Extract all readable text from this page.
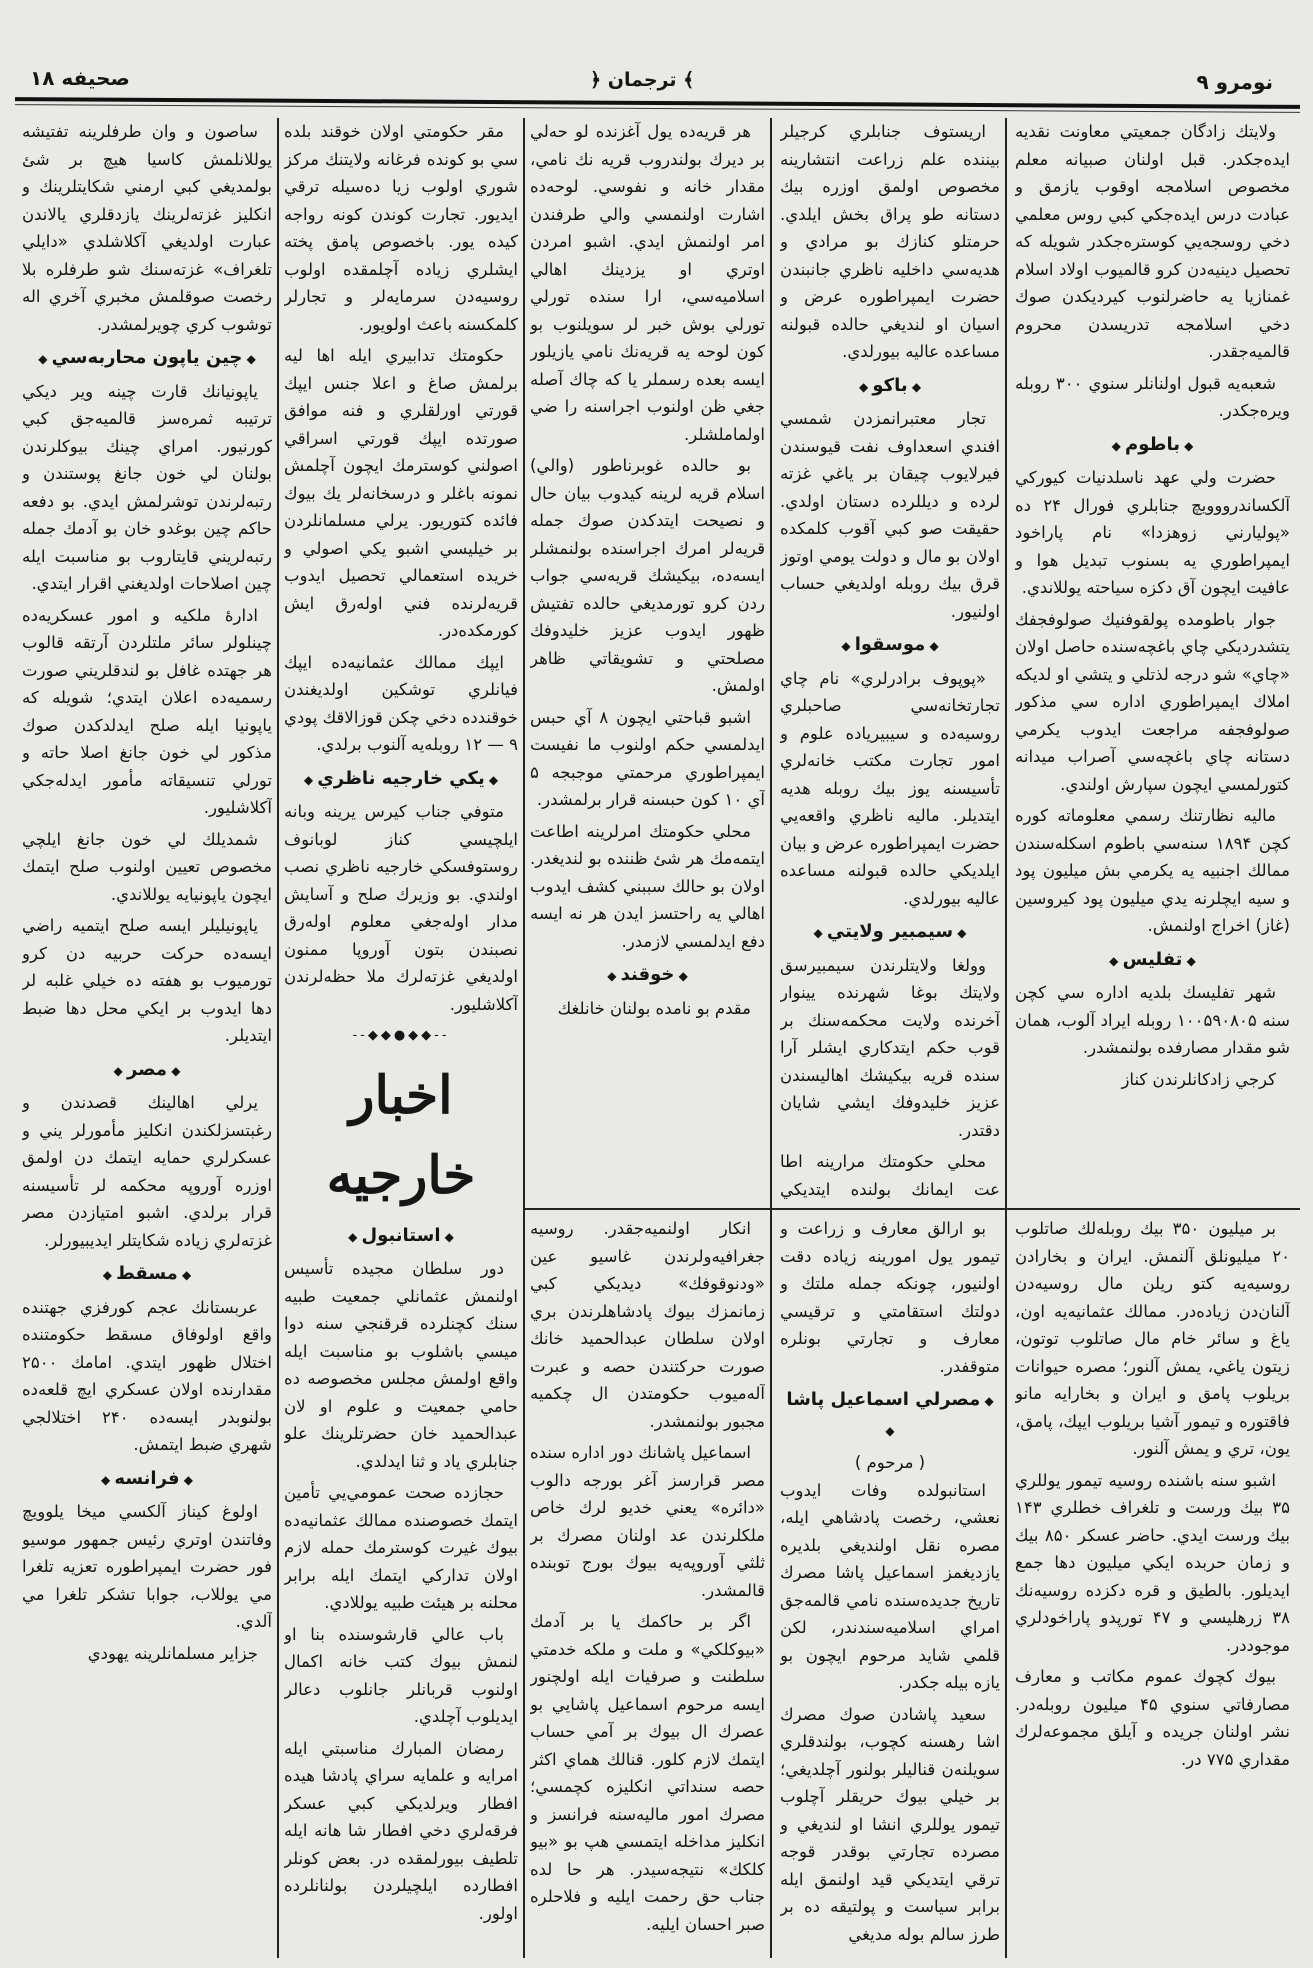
صحيفه ۱۸	﴾ ترجمان ﴿	نومرو ۹

ولايتك زادگان جمعيتي معاونت نقديه ايده‌جكدر. قبل اولنان صبيانه معلم مخصوص اسلامجه اوقوب يازمق و عبادت درس ايده‌جكي كبي روس معلمي دخي روسجه‌يي كوستره‌جكدر شويله كه تحصيل دينيه‌دن كرو قالميوب اولاد اسلام غمنازيا يه حاضرلنوب كيرديكدن صوك دخي اسلامجه تدريسدن محروم قالميه‌جقدر.

شعبه‌يه قبول اولنانلر سنوي ۳۰۰ روبله ويره‌جكدر.

◆ باطوم ◆

حضرت ولي عهد ناسلدنيات كيوركي آلكساندرووويچ جنابلري فورال ۲۴ ده «پوليارني زوهزدا» نام پاراخود ايمپراطوري يه بسنوب تبديل هوا و عافيت ايچون آق دكزه سياحته يوللاندي.

جوار باطومده پولقوفنيك صولوفجفك يتشدرديكي چاي باغچه‌سنده حاصل اولان «چاي» شو درجه لذتلي و يتشي او لديكه املاك ايمپراطوري اداره سي مذكور صولوفجفه مراجعت ايدوب يكرمي دستانه چاي باغچه‌سي آصراب ميدانه كتورلمسي ايچون سپارش اولندي.

ماليه نظارتنك رسمي معلوماته كوره كچن ۱۸۹۴ سنه‌سي باطوم اسكله‌سندن ممالك اجنبيه يه يكرمي بش ميليون پود و سيه ايچلرنه يدي ميليون پود كيروسين (غاز) اخراج اولنمش.

◆ تفليس ◆

شهر تفليسك بلديه اداره سي كچن سنه ۱۰۰۵۹۰۸۰۵ روبله ايراد آلوب، همان شو مقدار مصارفده بولنمشدر.

كرجي زادكانلرندن كناز

اريستوف جنابلري كرجيلر بيننده علم زراعت انتشارينه مخصوص اولمق اوزره بيك دستانه طو پراق بخش ايلدي. حرمتلو كنازك بو مرادي و هديه‌سي داخليه ناظري جانبندن حضرت ايمپراطوره عرض و اسيان او لنديغي حالده قبولنه مساعده عاليه بيورلدي.

◆ باكو ◆

تجار معتبرانمزدن شمسي افندي اسعداوف نفت قيوسندن فيرلايوب چيقان بر ياغي غزته لرده و ديللرده دستان اولدي. حقيقت صو كبي آقوب كلمكده اولان بو مال و دولت يومي اوتوز قرق بيك روبله اولديغي حساب اولنيور.

◆ موسقوا ◆

«پوپوف برادرلري» نام چاي تجارتخانه‌سي صاحبلري روسيه‌ده و سيبيرياده علوم و امور تجارت مكتب خانه‌لري تأسيسنه يوز بيك روبله هديه ايتديلر. ماليه ناظري واقعه‌يي حضرت ايمپراطوره عرض و بيان ايلديكي حالده قبولنه مساعده عاليه بيورلدي.

◆ سيمبير ولايتي ◆

وولغا ولايتلرندن سيمبيرسق ولايتك بوغا شهرنده يينوار آخرنده ولايت محكمه‌سنك بر قوب حكم ايتدكاري ايشلر آرا سنده قريه بيكيشك اهاليسندن عزيز خليدوفك ايشي شايان دقتدر.

محلي حكومتك مرارينه اطا عت ايمانك بولنده ايتديكي

هر قريه‌ده يول آغزنده لو حه‌لي بر ديرك بولندروب قريه نك نامي، مقدار خانه و نفوسي. لوحه‌ده اشارت اولنمسي والي طرفندن امر اولنمش ايدي. اشبو امردن اوتري او يزدينك اهالي اسلاميه‌سي، ارا سنده تورلي تورلي بوش خبر لر سويلنوب بو كون لوحه يه قريه‌نك نامي يازيلور ايسه بعده رسملر يا كه چاك آصله جغي ظن اولنوب اجراسنه را ضي اولماملشلر.

بو حالده غوبرناطور (والي) اسلام قريه لرينه كيدوب بيان حال و نصيحت ايتدكدن صوك جمله قريه‌لر امرك اجراسنده بولنمشلر ايسه‌ده، بيكيشك قريه‌سي جواب ردن كرو تورمديغي حالده تفتيش ظهور ايدوب عزيز خليدوفك مصلحتي و تشويقاتي ظاهر اولمش.

اشبو قباحتي ايچون ۸ آي حبس ايدلمسي حكم اولنوب ما نفيست ايمپراطوري مرحمتي موجبجه ۵ آي ۱۰ كون حبسنه قرار برلمشدر.

محلي حكومتك امرلرينه اطاعت ايتمه‌مك هر شئ ظننده بو لنديغدر. اولان بو حالك سببني كشف ايدوب اهالي يه راحتسز ايدن هر نه ايسه دفع ايدلمسي لازمدر.

◆ خوقند ◆

مقدم بو نامده بولنان خانلغك

مقر حكومتي اولان خوقند بلده سي بو كونده فرغانه ولايتنك مركز شوري اولوب زيا ده‌سيله ترقي ايديور. تجارت كوندن كونه رواجه كيده يور. باخصوص پامق پخته ايشلري زياده آچلمقده اولوب روسيه‌دن سرمايه‌لر و تجارلر كلمكسنه باعث اولويور.

حكومتك تدابيري ايله اها ليه برلمش صاغ و اعلا جنس ايپك قورتي اورلقلري و فنه موافق صورتده ايپك قورتي اسراقي اصولني كوسترمك ايچون آچلمش نمونه باغلر و درسخانه‌لر يك بيوك فائده كتوريور. يرلي مسلمانلردن بر خيليسي اشبو يكي اصولي و خريده استعمالي تحصيل ايدوب قريه‌لرنده فني اوله‌رق ايش كورمكده‌در.

ايپك ممالك عثمانيه‌ده ايپك فيانلري توشكين اولديغندن خوقندده دخي چكن قوزالاقك پودي ۹ — ۱۲ روبله‌يه آلنوب برلدي.

◆ يكي خارجيه ناظري ◆

متوفي جناب كيرس يرينه وبانه ايلچيسي كناز لوبانوف روستوفسكي خارجيه ناظري نصب اولندي. بو وزيرك صلح و آسايش مدار اوله‌جغي معلوم اوله‌رق نصبندن بتون آوروپا ممنون اولديغي غزته‌لرك ملا حظه‌لرندن آكلاشليور.

--◆◆●◆◆--
اخبار خارجيه
◆ استانبول ◆

دور سلطان مجيده تأسيس اولنمش عثمانلي جمعيت طبيه سنك كچنلرده قرقنجي سنه دوا ميسي باشلوب بو مناسبت ايله واقع اولمش مجلس مخصوصه ده حامي جمعيت و علوم او لان عبدالحميد خان حضرتلرينك علو جنابلري ياد و ثنا ايدلدي.

حجازده صحت عمومي‌يي تأمين ايتمك خصوصنده ممالك عثمانيه‌ده بيوك غيرت كوسترمك حمله لازم اولان تداركي ايتمك ايله برابر محلنه بر هيئت طبيه يوللادي.

باب عالي قارشوسنده بنا او لنمش بيوك كتب خانه اكمال اولنوب قربانلر جانلوب دعالر ايديلوب آچلدي.

رمضان المبارك مناسبتي ايله امرايه و علمايه سراي پادشا هيده افطار ويرلديكي كبي عسكر فرقه‌لري دخي افطار شا هانه ايله تلطيف بيورلمقده در. بعض كونلر افطارده ايلچيلردن بولنانلرده اولور.

ساصون و وان طرفلرينه تفتيشه يوللانلمش كاسيا هيچ بر شئ بولمديغي كبي ارمني شكايتلرينك و انكليز غزته‌لرينك يازدقلري يالاندن عبارت اولديغي آكلاشلدي «دايلي تلغراف» غزته‌سنك شو طرفلره بلا رخصت صوقلمش مخبري آخري اله توشوب كري چويرلمشدر.

◆ چين ياپون محاربه‌سي ◆

ياپونيانك قارت چينه وير ديكي ترتيبه ثمره‌سز قالميه‌جق كبي كورنيور. امراي چينك بيوكلرندن بولنان لي خون جانغ پوستندن و رتبه‌لرندن توشرلمش ايدي. بو دفعه حاكم چين بوغدو خان بو آدمك جمله رتبه‌لريني قايتاروب بو مناسبت ايله چين اصلاحات اولديغني اقرار ايتدي.

ادارهٔ ملكيه و امور عسكريه‌ده چينلولر سائر ملتلردن آرتقه قالوب هر جهتده غافل بو لندقلريني صورت رسميه‌ده اعلان ايتدي؛ شويله كه ياپونيا ايله صلح ايدلدكدن صوك مذكور لي خون جانغ اصلا حاته و تورلي تنسيقاته مأمور ايدله‌جكي آكلاشليور.

شمديلك لي خون جانغ ايلچي مخصوص تعيين اولنوب صلح ايتمك ايچون ياپونيايه يوللاندي.

ياپونيليلر ايسه صلح ايتميه راضي ايسه‌ده حركت حربيه دن كرو تورميوب بو هفته ده خيلي غلبه لر دها ايدوب بر ايكي محل دها ضبط ايتديلر.

◆ مصر ◆

يرلي اهالينك قصدندن و رغبتسزلكندن انكليز مأمورلر يني و عسكرلري حمايه ايتمك دن اولمق اوزره آوروپه محكمه لر تأسيسنه قرار برلدي. اشبو امتيازدن مصر غزته‌لري زياده شكايتلر ايديبيورلر.

◆ مسقط ◆

عربستانك عجم كورفزي جهتنده واقع اولوفاق مسقط حكومتنده اختلال ظهور ايتدي. امامك ۲۵۰۰ مقدارنده اولان عسكري ايچ قلعه‌ده بولنوبدر ايسه‌ده ۲۴۰ اختلالجي شهري ضبط ايتمش.

◆ فرانسه ◆

اولوغ كيناز آلكسي ميخا يلوويچ وفاتندن اوتري رئيس جمهور موسيو فور حضرت ايمپراطوره تعزيه تلغرا مي يوللاب، جوابا تشكر تلغرا مي آلدي.

جزاير مسلمانلرينه يهودي

بر ميليون ۳۵۰ بيك روبله‌لك صاتلوب ۲۰ ميليونلق آلنمش. ايران و بخارادن روسيه‌يه كتو ريلن مال روسيه‌دن آلنان‌دن زياده‌در. ممالك عثمانيه‌يه اون، ياغ و سائر خام مال صاتلوب توتون، زيتون ياغي، يمش آلنور؛ مصره حيوانات بريلوب پامق و ايران و بخارايه مانو فاقتوره و تيمور آشيا بريلوب ايپك، پامق، يون، تري و يمش آلنور.

اشبو سنه باشنده روسيه تيمور يوللري ۳۵ بيك ورست و تلغراف خطلري ۱۴۳ بيك ورست ايدي. حاضر عسكر ۸۵۰ بيك و زمان حربده ايكي ميليون دها جمع ايديلور. بالطيق و قره دكزده روسيه‌نك ۳۸ زرهليسي و ۴۷ تورپدو پاراخودلري موجوددر.

بيوك كچوك عموم مكاتب و معارف مصارفاتي سنوي ۴۵ ميليون روبله‌در. نشر اولنان جريده و آيلق مجموعه‌لرك مقداري ۷۷۵ در.

بو ارالق معارف و زراعت و تيمور يول امورينه زياده دقت اولنيور، چونكه جمله ملتك و دولتك استقامتي و ترقيسي معارف و تجارتي بونلره متوقفدر.

◆ مصرلي اسماعيل پاشا ◆
( مرحوم )

استانبولده وفات ايدوب نعشي، رخصت پادشاهي ايله، مصره نقل اولنديغي بلديره يازديغمز اسماعيل پاشا مصرك تاريخ جديده‌سنده نامي قالمه‌جق امراي اسلاميه‌سندندر، لكن قلمي شايد مرحوم ايچون بو يازه بيله جكدر.

سعيد پاشادن صوك مصرك اشا رهسنه كچوب، بولندقلري سويلنه‌ن قناليلر بولنور آچلديغي؛ بر خيلي بيوك حريقلر آچلوب تيمور يوللري انشا او لنديغي و مصرده تجارتي بوقدر قوجه ترقي ايتديكي قيد اولنمق ايله برابر سياست و پولتيقه ده بر طرز سالم بوله مديغي

انكار اولنميه‌جقدر. روسيه جغرافيه‌ولرندن غاسيو عين «ودنوقوفك» ديديكي كبي زمانمزك بيوك پادشاهلرندن بري اولان سلطان عبدالحميد خانك صورت حركتندن حصه و عبرت آله‌ميوب حكومتدن ال چكميه مجبور بولنمشدر.

اسماعيل پاشانك دور اداره سنده مصر قرارسز آغر بورجه دالوب «دائره» يعني خديو لرك خاص ملكلرندن عد اولنان مصرك بر ثلثي آوروپه‌يه بيوك بورج توبنده قالمشدر.

اگر بر حاكمك يا بر آدمك «بيوكلكي» و ملت و ملكه خدمتي سلطنت و صرفيات ايله اولچنور ايسه مرحوم اسماعيل پاشايي بو عصرك ال بيوك بر آمي حساب ايتمك لازم كلور. قنالك هماي اكثر حصه سنداتي انكليزه كچمسي؛ مصرك امور ماليه‌سنه فرانسز و انكليز مداخله ايتمسي هپ بو «بيو كلكك» نتيجه‌سيدر. هر حا لده جناب حق رحمت ايليه و فلاحلره صبر احسان ايليه.
